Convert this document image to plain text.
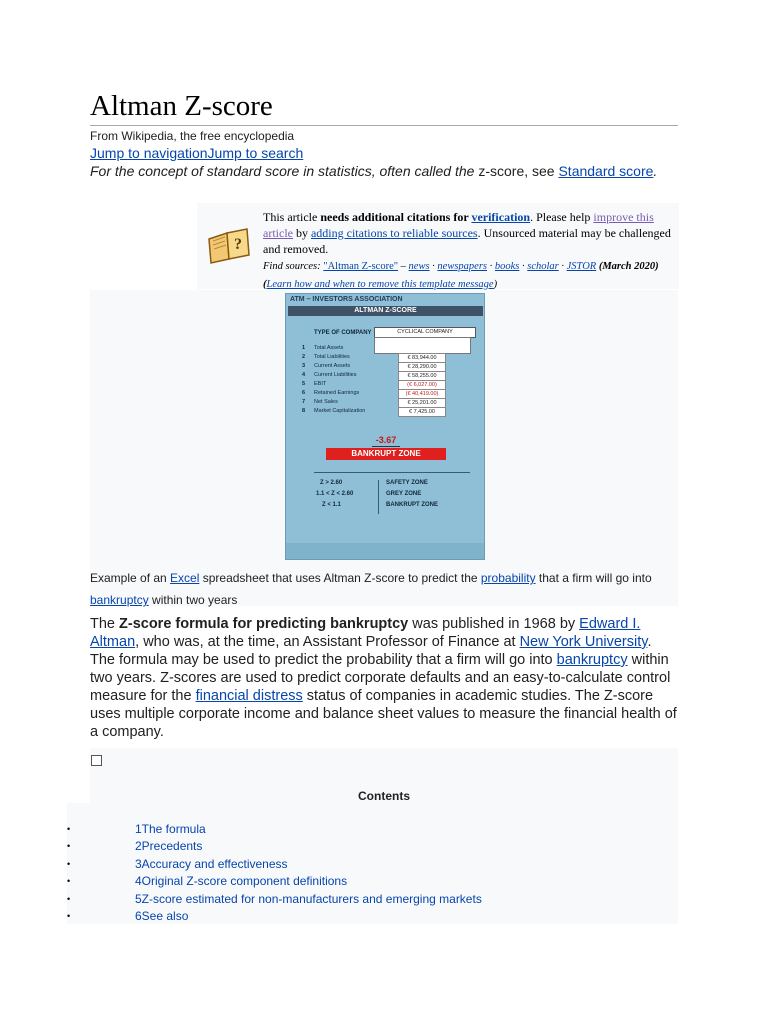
Altman Z-score
From Wikipedia, the free encyclopedia
Jump to navigationJump to search
For the concept of standard score in statistics, often called the z-score, see Standard score.
?
This article needs additional citations for verification. Please help improve this article by adding citations to reliable sources. Unsourced material may be challenged and removed.
Find sources: "Altman Z-score" – news · newspapers · books · scholar · JSTOR (March 2020) (Learn how and when to remove this template message)
ATM – INVESTORS ASSOCIATION
ALTMAN Z-SCORE
TYPE OF COMPANY	CYCLICAL COMPANY
1 Total Assets
2 Total Liabilities	€ 83,944.00
3 Current Assets	€ 28,290.00
4 Current Liabilities	€ 58,255.00
5 EBIT	(€ 6,027.00)
6 Retained Earnings	(€ 40,419.00)
7 Net Sales	€ 25,201.00
8 Market Capitalization	€ 7,425.00
-3.67
BANKRUPT ZONE
Z > 2.60	SAFETY ZONE
1.1 < Z < 2.60	GREY ZONE
Z < 1.1	BANKRUPT ZONE
Example of an Excel spreadsheet that uses Altman Z-score to predict the probability that a firm will go into bankruptcy within two years
The Z-score formula for predicting bankruptcy was published in 1968 by Edward I. Altman, who was, at the time, an Assistant Professor of Finance at New York University. The formula may be used to predict the probability that a firm will go into bankruptcy within two years. Z-scores are used to predict corporate defaults and an easy-to-calculate control measure for the financial distress status of companies in academic studies. The Z-score uses multiple corporate income and balance sheet values to measure the financial health of a company.
Contents
•	1The formula
•	2Precedents
•	3Accuracy and effectiveness
•	4Original Z-score component definitions
•	5Z-score estimated for non-manufacturers and emerging markets
•	6See also
